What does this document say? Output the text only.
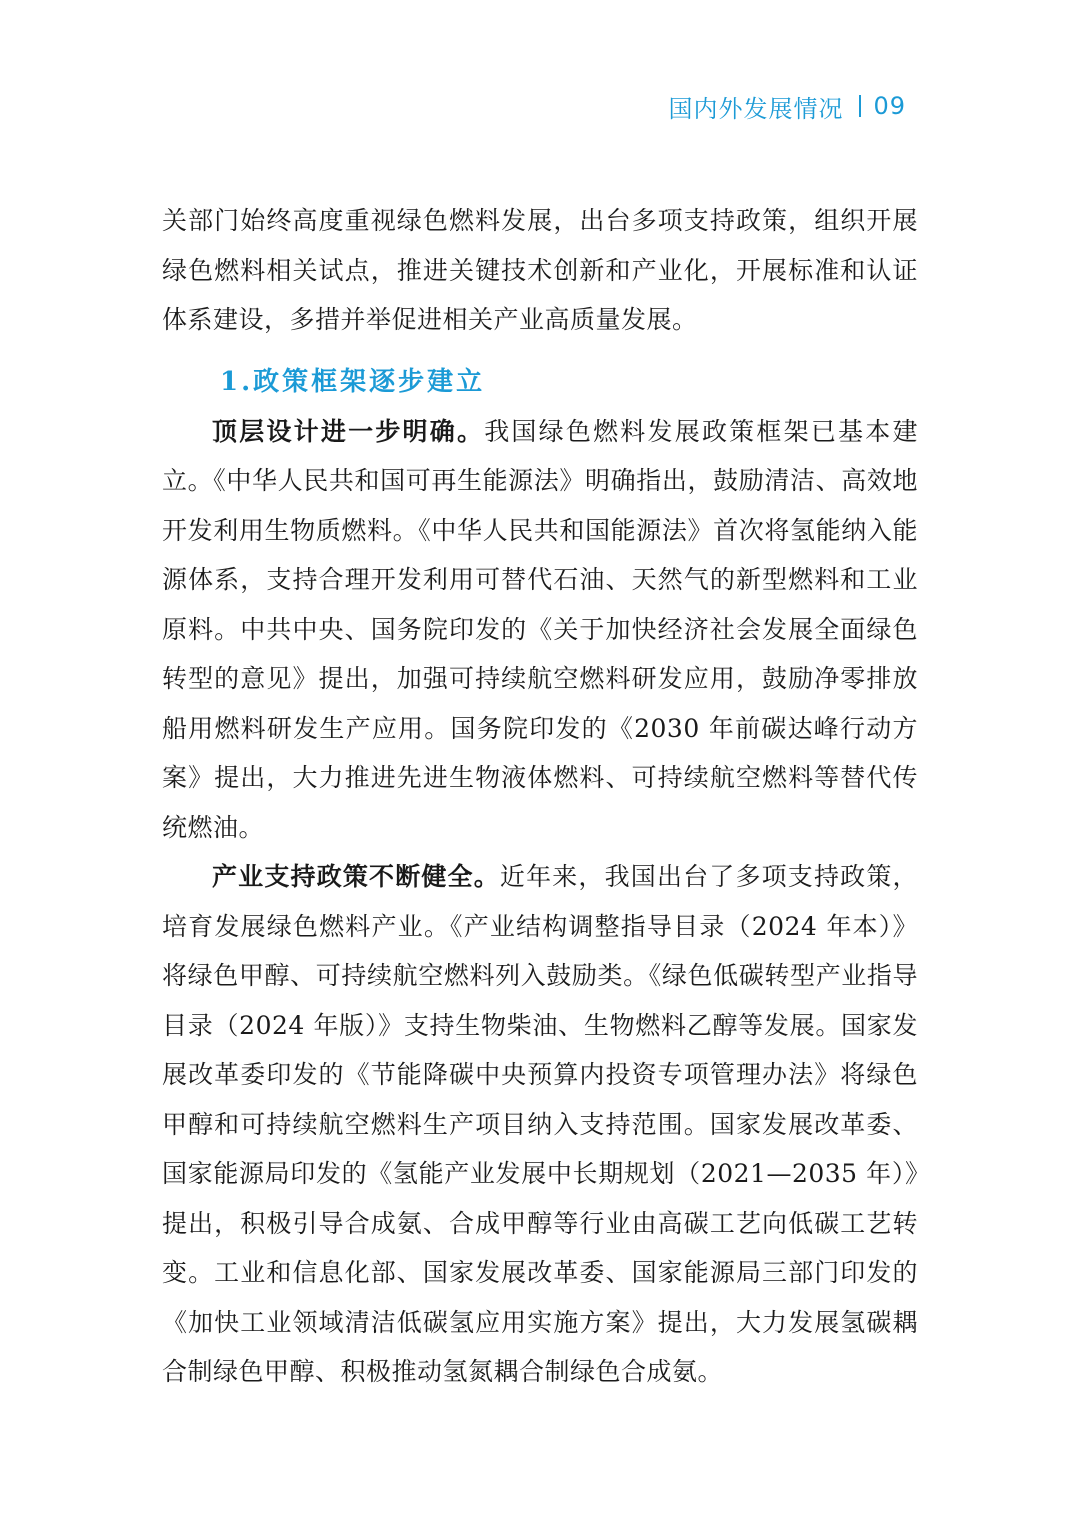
国内外发展情况 09

关部门始终高度重视绿色燃料发展，出台多项支持政策，组织开展绿色燃料相关试点，推进关键技术创新和产业化，开展标准和认证体系建设，多措并举促进相关产业高质量发展。

1.政策框架逐步建立

顶层设计进一步明确。我国绿色燃料发展政策框架已基本建立。《中华人民共和国可再生能源法》明确指出，鼓励清洁、高效地开发利用生物质燃料。《中华人民共和国能源法》首次将氢能纳入能源体系，支持合理开发利用可替代石油、天然气的新型燃料和工业原料。中共中央、国务院印发的《关于加快经济社会发展全面绿色转型的意见》提出，加强可持续航空燃料研发应用，鼓励净零排放船用燃料研发生产应用。国务院印发的《2030 年前碳达峰行动方案》提出，大力推进先进生物液体燃料、可持续航空燃料等替代传统燃油。

产业支持政策不断健全。近年来，我国出台了多项支持政策，培育发展绿色燃料产业。《产业结构调整指导目录（2024 年本）》将绿色甲醇、可持续航空燃料列入鼓励类。《绿色低碳转型产业指导目录（2024 年版）》支持生物柴油、生物燃料乙醇等发展。国家发展改革委印发的《节能降碳中央预算内投资专项管理办法》将绿色甲醇和可持续航空燃料生产项目纳入支持范围。国家发展改革委、国家能源局印发的《氢能产业发展中长期规划（2021—2035 年）》提出，积极引导合成氨、合成甲醇等行业由高碳工艺向低碳工艺转变。工业和信息化部、国家发展改革委、国家能源局三部门印发的《加快工业领域清洁低碳氢应用实施方案》提出，大力发展氢碳耦合制绿色甲醇、积极推动氢氮耦合制绿色合成氨。
